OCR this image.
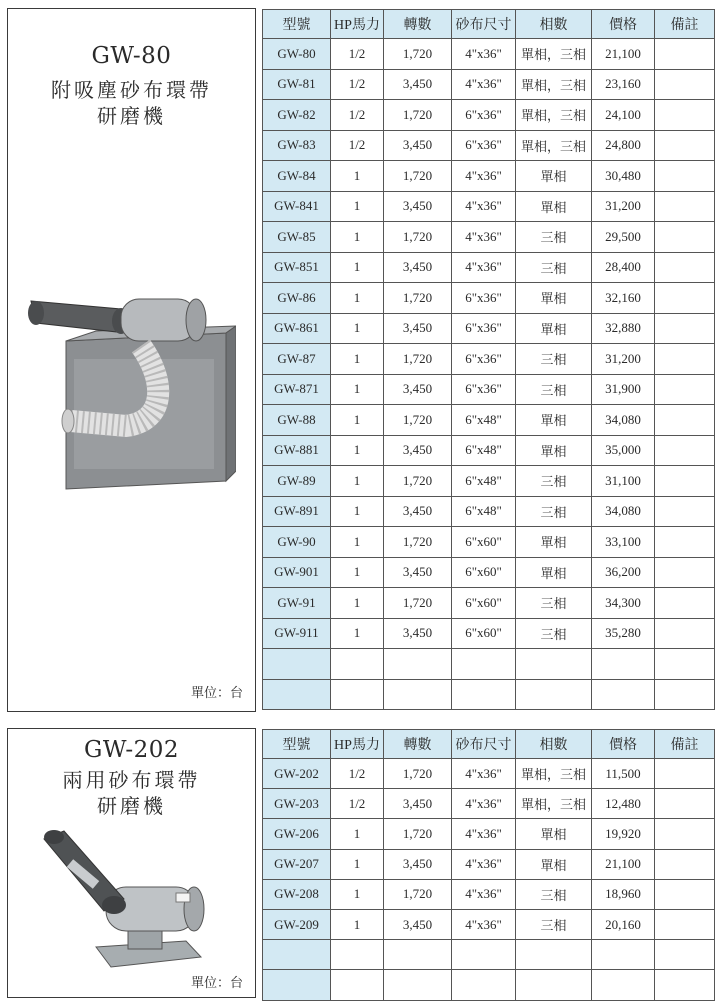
GW-80
附吸塵砂布環帶
研磨機
單位：台
型號	HP馬力	轉數	砂布尺寸	相數	價格	備註
GW-80	1/2	1,720	4"x36"	單相，三相	21,100	
GW-81	1/2	3,450	4"x36"	單相，三相	23,160	
GW-82	1/2	1,720	6"x36"	單相，三相	24,100	
GW-83	1/2	3,450	6"x36"	單相，三相	24,800	
GW-84	1	1,720	4"x36"	單相	30,480	
GW-841	1	3,450	4"x36"	單相	31,200	
GW-85	1	1,720	4"x36"	三相	29,500	
GW-851	1	3,450	4"x36"	三相	28,400	
GW-86	1	1,720	6"x36"	單相	32,160	
GW-861	1	3,450	6"x36"	單相	32,880	
GW-87	1	1,720	6"x36"	三相	31,200	
GW-871	1	3,450	6"x36"	三相	31,900	
GW-88	1	1,720	6"x48"	單相	34,080	
GW-881	1	3,450	6"x48"	單相	35,000	
GW-89	1	1,720	6"x48"	三相	31,100	
GW-891	1	3,450	6"x48"	三相	34,080	
GW-90	1	1,720	6"x60"	單相	33,100	
GW-901	1	3,450	6"x60"	單相	36,200	
GW-91	1	1,720	6"x60"	三相	34,300	
GW-911	1	3,450	6"x60"	三相	35,280	

GW-202
兩用砂布環帶
研磨機
單位：台
型號	HP馬力	轉數	砂布尺寸	相數	價格	備註
GW-202	1/2	1,720	4"x36"	單相，三相	11,500	
GW-203	1/2	3,450	4"x36"	單相，三相	12,480	
GW-206	1	1,720	4"x36"	單相	19,920	
GW-207	1	3,450	4"x36"	單相	21,100	
GW-208	1	1,720	4"x36"	三相	18,960	
GW-209	1	3,450	4"x36"	三相	20,160	
